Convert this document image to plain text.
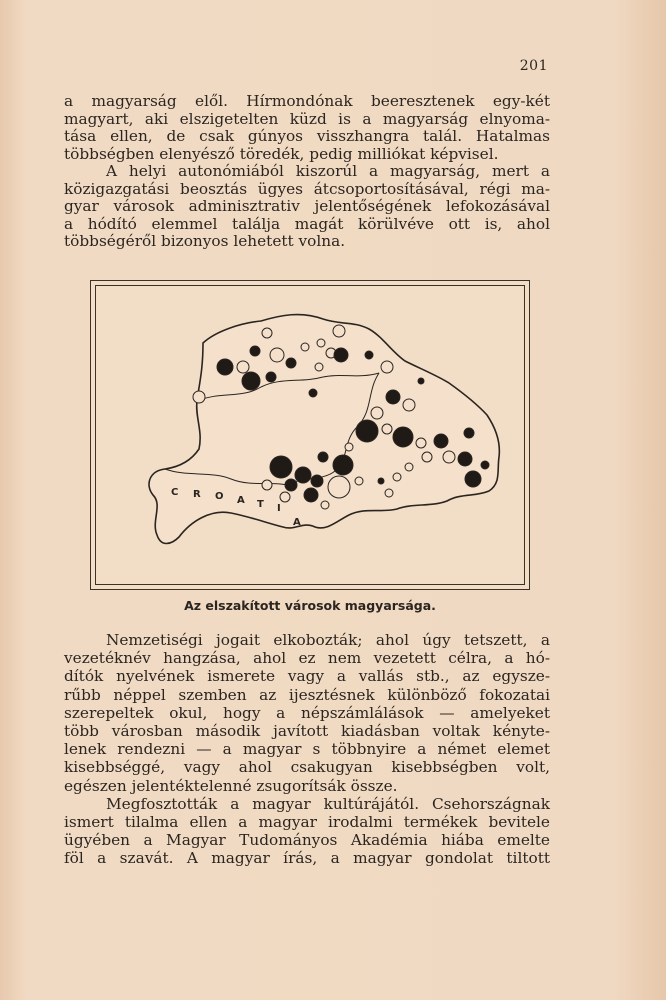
201
a magyarság elől. Hírmondónak beeresztenek egy-két
magyart, aki elszigetelten küzd is a magyarság elnyoma-
tása ellen, de csak gúnyos visszhangra talál. Hatalmas
többségben elenyésző töredék, pedig milliókat képvisel.
A helyi autonómiából kiszorúl a magyarság, mert a
közigazgatási beosztás ügyes átcsoportosításával, régi ma-
gyar városok adminisztrativ jelentőségének lefokozásával
a hódító elemmel találja magát körülvéve ott is, ahol
többségéről bizonyos lehetett volna.
C R O A T I
A
Az elszakított városok magyarsága.
Nemzetiségi jogait elkobozták; ahol úgy tetszett, a
vezetéknév hangzása, ahol ez nem vezetett célra, a hó-
dítók nyelvének ismerete vagy a vallás stb., az egysze-
rűbb néppel szemben az ijesztésnek különböző fokozatai
szerepeltek okul, hogy a népszámlálások — amelyeket
több városban második javított kiadásban voltak kényte-
lenek rendezni — a magyar s többnyire a német elemet
kisebbséggé, vagy ahol csakugyan kisebbségben volt,
egészen jelentéktelenné zsugorítsák össze.
Megfosztották a magyar kultúrájától. Csehországnak
ismert tilalma ellen a magyar irodalmi termékek bevitele
ügyében a Magyar Tudományos Akadémia hiába emelte
föl a szavát. A magyar írás, a magyar gondolat tiltott
